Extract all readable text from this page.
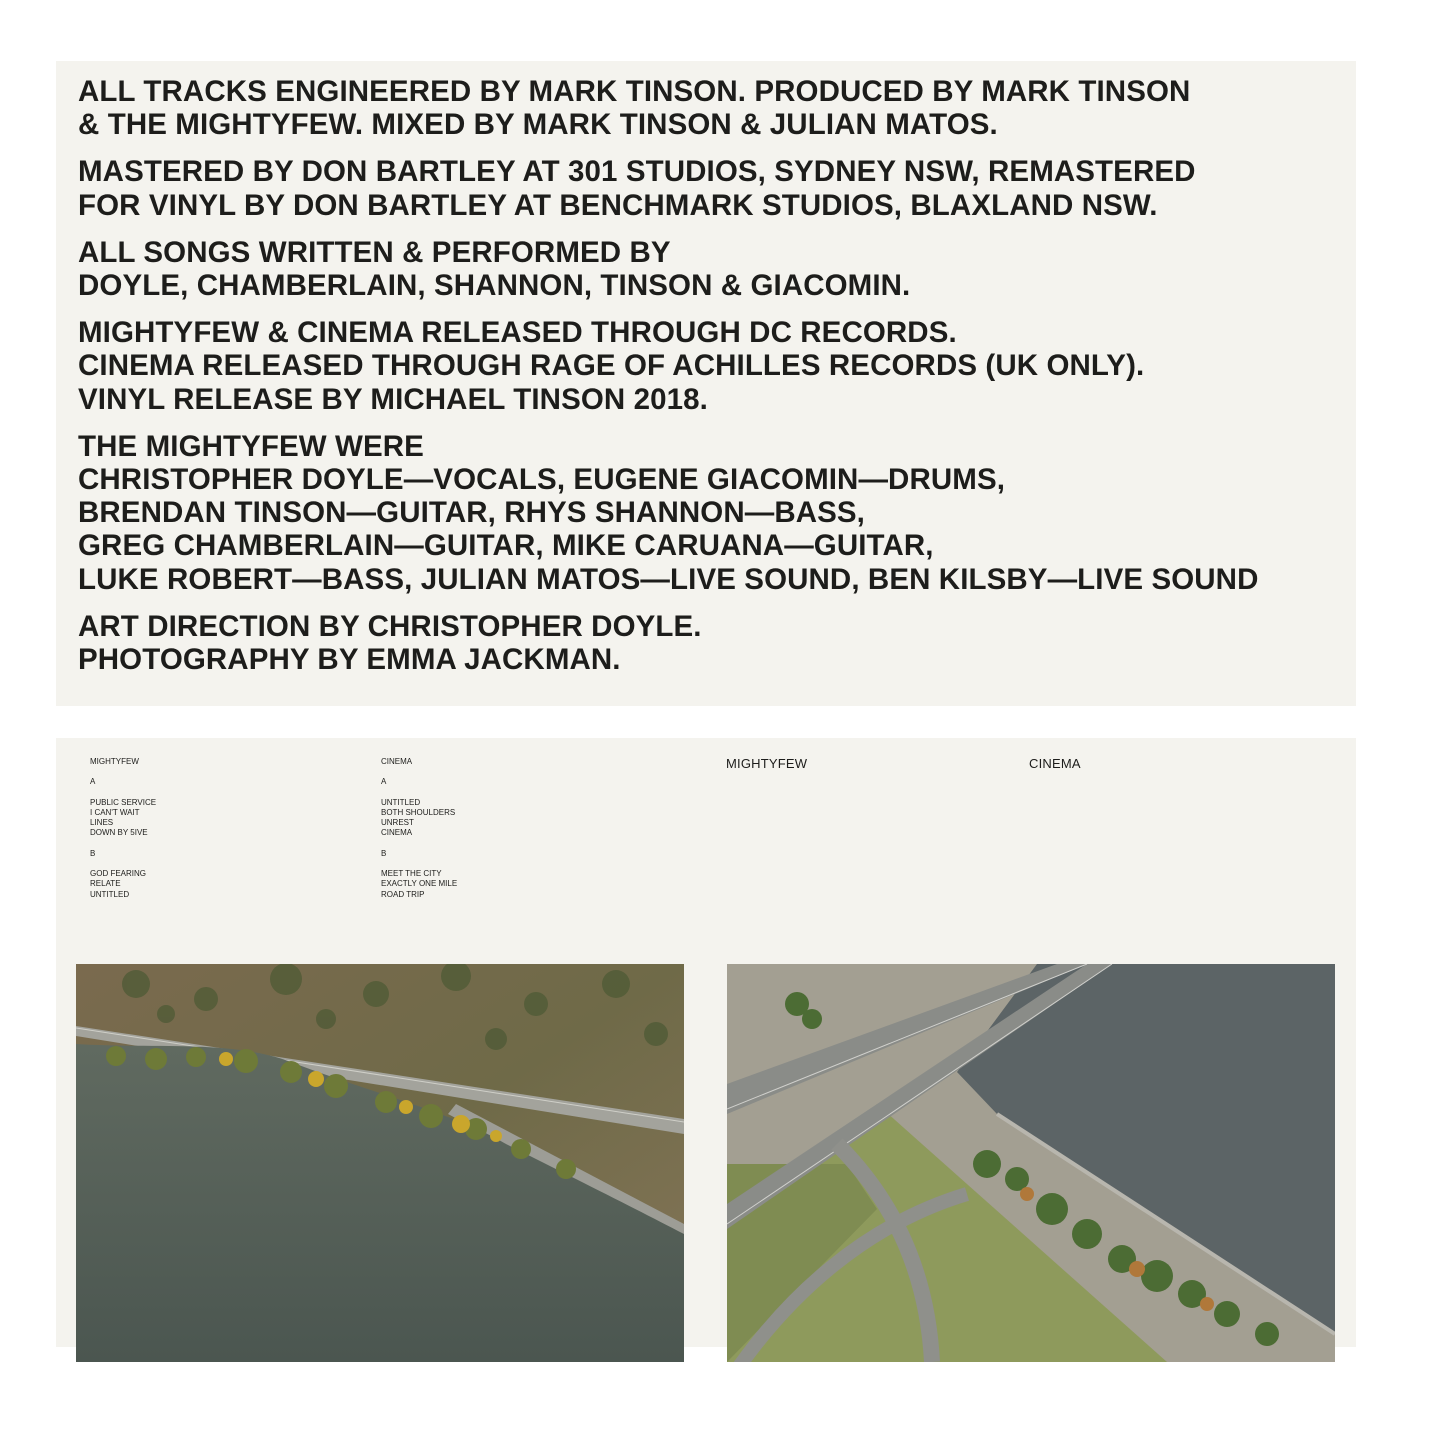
ALL TRACKS ENGINEERED BY MARK TINSON. PRODUCED BY MARK TINSON
& THE MIGHTYFEW. MIXED BY MARK TINSON & JULIAN MATOS.

MASTERED BY DON BARTLEY AT 301 STUDIOS, SYDNEY NSW, REMASTERED
FOR VINYL BY DON BARTLEY AT BENCHMARK STUDIOS, BLAXLAND NSW.

ALL SONGS WRITTEN & PERFORMED BY
DOYLE, CHAMBERLAIN, SHANNON, TINSON & GIACOMIN.

MIGHTYFEW & CINEMA RELEASED THROUGH DC RECORDS.
CINEMA RELEASED THROUGH RAGE OF ACHILLES RECORDS (UK ONLY).
VINYL RELEASE BY MICHAEL TINSON 2018.

THE MIGHTYFEW WERE
CHRISTOPHER DOYLE—VOCALS, EUGENE GIACOMIN—DRUMS,
BRENDAN TINSON—GUITAR, RHYS SHANNON—BASS,
GREG CHAMBERLAIN—GUITAR, MIKE CARUANA—GUITAR,
LUKE ROBERT—BASS, JULIAN MATOS—LIVE SOUND, BEN KILSBY—LIVE SOUND

ART DIRECTION BY CHRISTOPHER DOYLE.
PHOTOGRAPHY BY EMMA JACKMAN.

MIGHTYFEW
A
PUBLIC SERVICE
I CAN'T WAIT
LINES
DOWN BY 5IVE
B
GOD FEARING
RELATE
UNTITLED
CINEMA
A
UNTITLED
BOTH SHOULDERS
UNREST
CINEMA
B
MEET THE CITY
EXACTLY ONE MILE
ROAD TRIP
MIGHTYFEW	CINEMA
